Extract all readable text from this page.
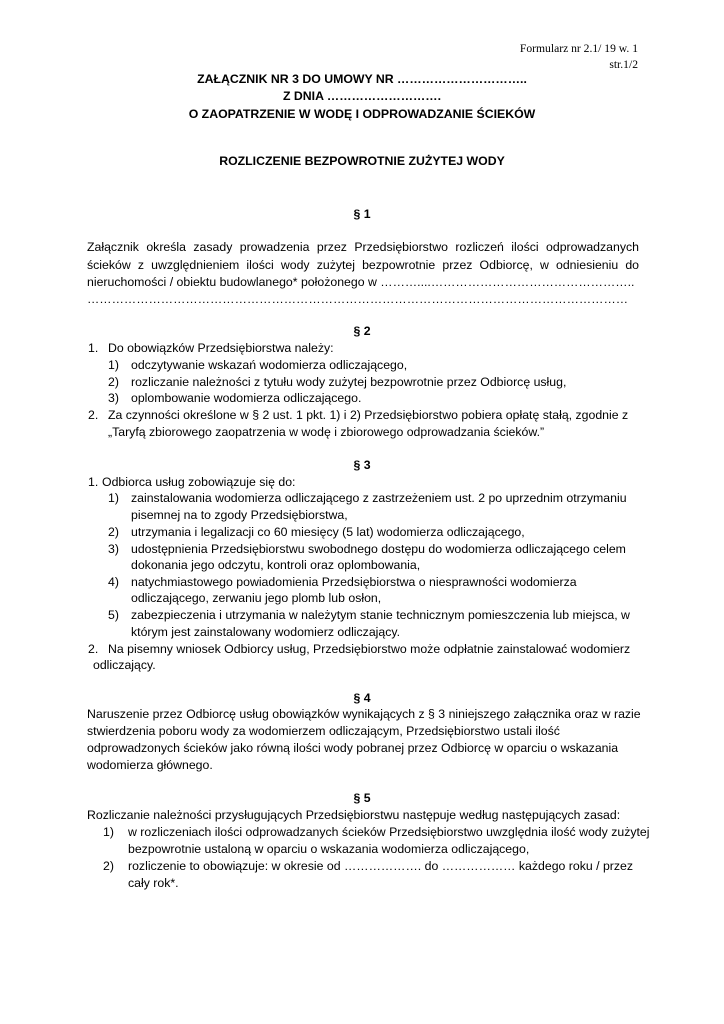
Formularz nr 2.1/ 19 w. 1
str.1/2
ZAŁĄCZNIK NR 3 DO UMOWY NR …………………………..
Z DNIA ……………………….
O ZAOPATRZENIE W WODĘ I ODPROWADZANIE ŚCIEKÓW
ROZLICZENIE BEZPOWROTNIE ZUŻYTEJ WODY
§ 1
Załącznik określa zasady prowadzenia przez Przedsiębiorstwo rozliczeń ilości odprowadzanych
ścieków z uwzględnieniem ilości wody zużytej bezpowrotnie przez Odbiorcę, w odniesieniu do
nieruchomości / obiektu budowlanego* położonego w ………....…………………………………………..
……………………………………………………………………………………………………………………
§ 2
1. Do obowiązków Przedsiębiorstwa należy:
1) odczytywanie wskazań wodomierza odliczającego,
2) rozliczanie należności z tytułu wody zużytej bezpowrotnie przez Odbiorcę usług,
3) oplombowanie wodomierza odliczającego.
2. Za czynności określone w § 2 ust. 1 pkt. 1) i 2) Przedsiębiorstwo pobiera opłatę stałą, zgodnie z
„Taryfą zbiorowego zaopatrzenia w wodę i zbiorowego odprowadzania ścieków.”
§ 3
1. Odbiorca usług zobowiązuje się do:
1) zainstalowania wodomierza odliczającego z zastrzeżeniem ust. 2 po uprzednim otrzymaniu
pisemnej na to zgody Przedsiębiorstwa,
2) utrzymania i legalizacji co 60 miesięcy (5 lat) wodomierza odliczającego,
3) udostępnienia Przedsiębiorstwu swobodnego dostępu do wodomierza odliczającego celem
dokonania jego odczytu, kontroli oraz oplombowania,
4) natychmiastowego powiadomienia Przedsiębiorstwa o niesprawności wodomierza
odliczającego, zerwaniu jego plomb lub osłon,
5) zabezpieczenia i utrzymania w należytym stanie technicznym pomieszczenia lub miejsca, w
którym jest zainstalowany wodomierz odliczający.
2. Na pisemny wniosek Odbiorcy usług, Przedsiębiorstwo może odpłatnie zainstalować wodomierz
odliczający.
§ 4
Naruszenie przez Odbiorcę usług obowiązków wynikających z § 3 niniejszego załącznika oraz w razie
stwierdzenia poboru wody za wodomierzem odliczającym, Przedsiębiorstwo ustali ilość
odprowadzonych ścieków jako równą ilości wody pobranej przez Odbiorcę w oparciu o wskazania
wodomierza głównego.
§ 5
Rozliczanie należności przysługujących Przedsiębiorstwu następuje według następujących zasad:
1) w rozliczeniach ilości odprowadzanych ścieków Przedsiębiorstwo uwzględnia ilość wody zużytej
bezpowrotnie ustaloną w oparciu o wskazania wodomierza odliczającego,
2) rozliczenie to obowiązuje: w okresie od ………………. do ……………… każdego roku / przez
cały rok*.
